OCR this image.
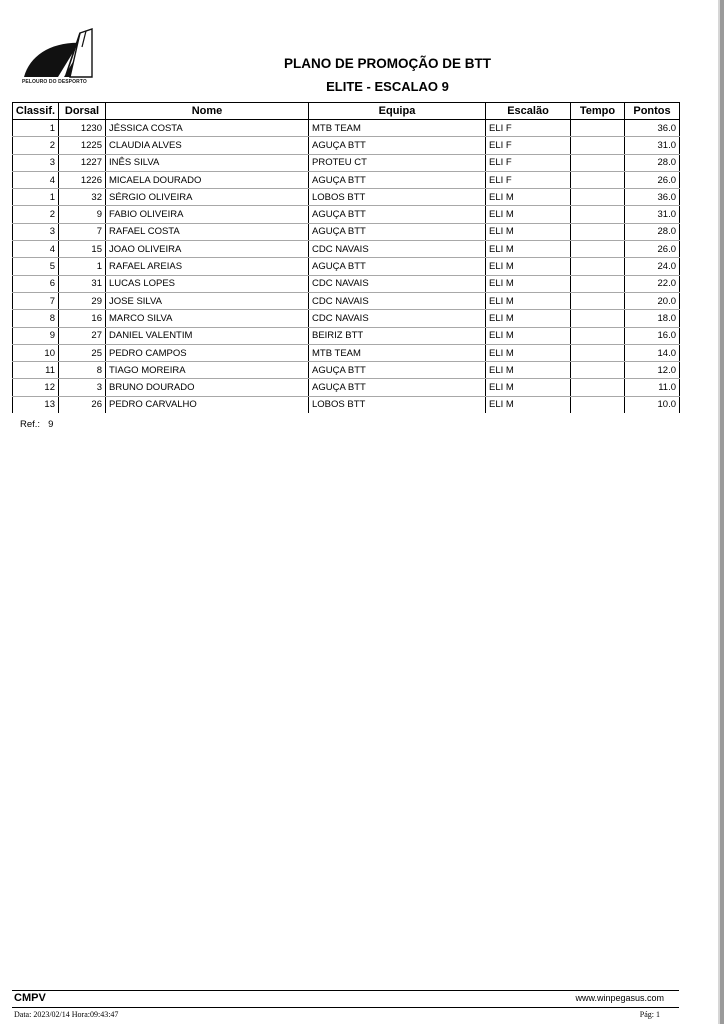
PELOURO DO DESPORTO
PLANO DE PROMOÇÃO DE BTT
ELITE - ESCALAO 9
Classif.	Dorsal	Nome	Equipa	Escalão	Tempo	Pontos
1	1230	JÉSSICA COSTA	MTB TEAM	ELI F		36.0
2	1225	CLAUDIA ALVES	AGUÇA BTT	ELI F		31.0
3	1227	INÊS SILVA	PROTEU CT	ELI F		28.0
4	1226	MICAELA DOURADO	AGUÇA BTT	ELI F		26.0
1	32	SÉRGIO OLIVEIRA	LOBOS BTT	ELI M		36.0
2	9	FABIO OLIVEIRA	AGUÇA BTT	ELI M		31.0
3	7	RAFAEL COSTA	AGUÇA BTT	ELI M		28.0
4	15	JOAO OLIVEIRA	CDC NAVAIS	ELI M		26.0
5	1	RAFAEL AREIAS	AGUÇA BTT	ELI M		24.0
6	31	LUCAS LOPES	CDC NAVAIS	ELI M		22.0
7	29	JOSE SILVA	CDC NAVAIS	ELI M		20.0
8	16	MARCO SILVA	CDC NAVAIS	ELI M		18.0
9	27	DANIEL VALENTIM	BEIRIZ BTT	ELI M		16.0
10	25	PEDRO CAMPOS	MTB TEAM	ELI M		14.0
11	8	TIAGO MOREIRA	AGUÇA BTT	ELI M		12.0
12	3	BRUNO DOURADO	AGUÇA BTT	ELI M		11.0
13	26	PEDRO CARVALHO	LOBOS BTT	ELI M		10.0
Ref.: 9
CMPV	www.winpegasus.com
Data: 2023/02/14 Hora:09:43:47	Pág: 1
